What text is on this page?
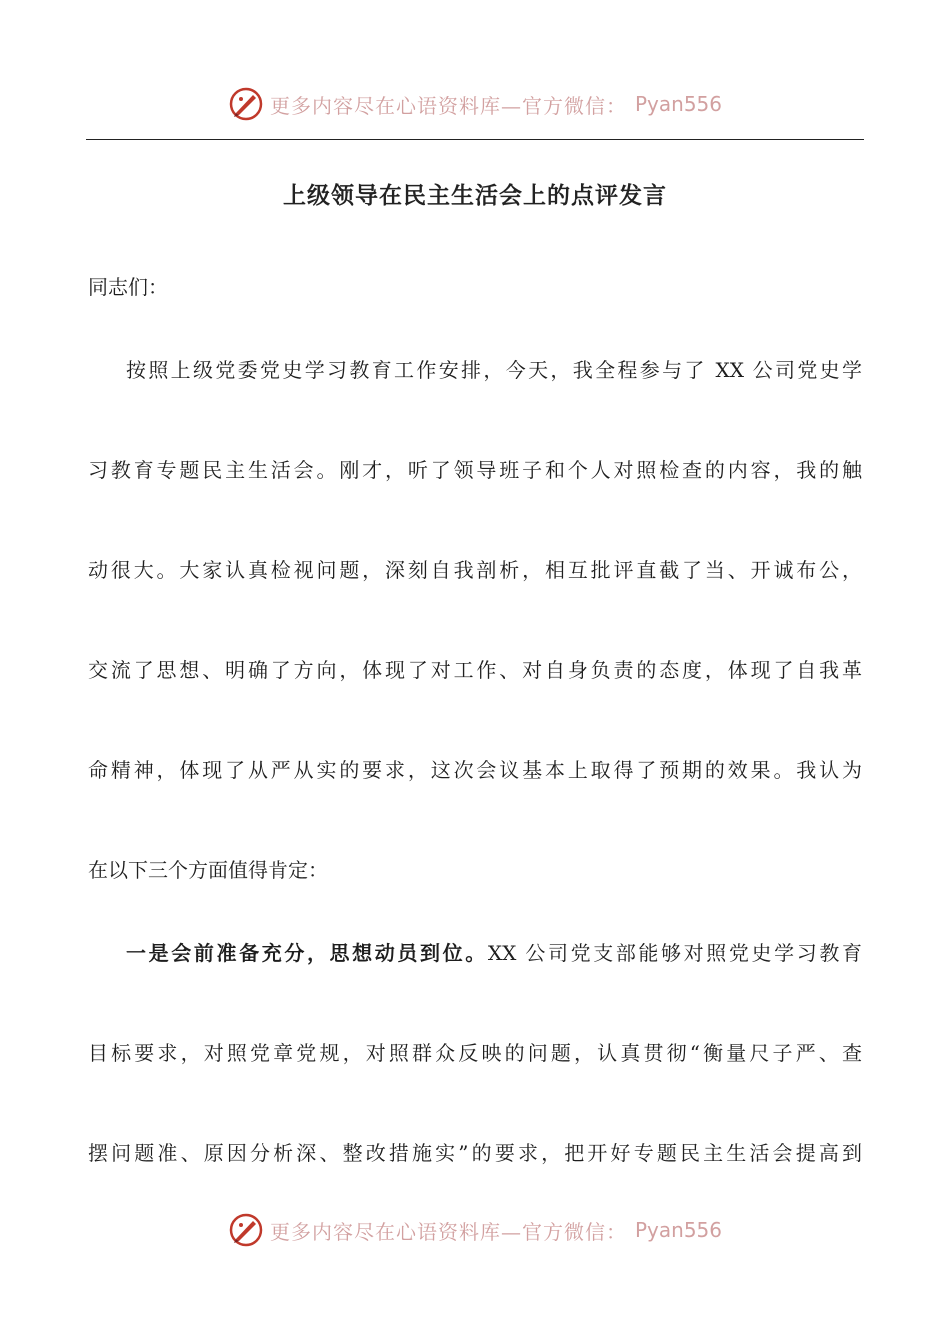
更多内容尽在心语资料库—官方微信： Pyan556
上级领导在民主生活会上的点评发言
同志们：
按照上级党委党史学习教育工作安排，今天，我全程参与了 XX 公司党史学
习教育专题民主生活会。刚才，听了领导班子和个人对照检查的内容，我的触
动很大。大家认真检视问题，深刻自我剖析，相互批评直截了当、开诚布公，
交流了思想、明确了方向，体现了对工作、对自身负责的态度，体现了自我革
命精神，体现了从严从实的要求，这次会议基本上取得了预期的效果。我认为
在以下三个方面值得肯定：
一是会前准备充分，思想动员到位。XX 公司党支部能够对照党史学习教育
目标要求，对照党章党规，对照群众反映的问题，认真贯彻“衡量尺子严、查
摆问题准、原因分析深、整改措施实”的要求，把开好专题民主生活会提高到
更多内容尽在心语资料库—官方微信： Pyan556
